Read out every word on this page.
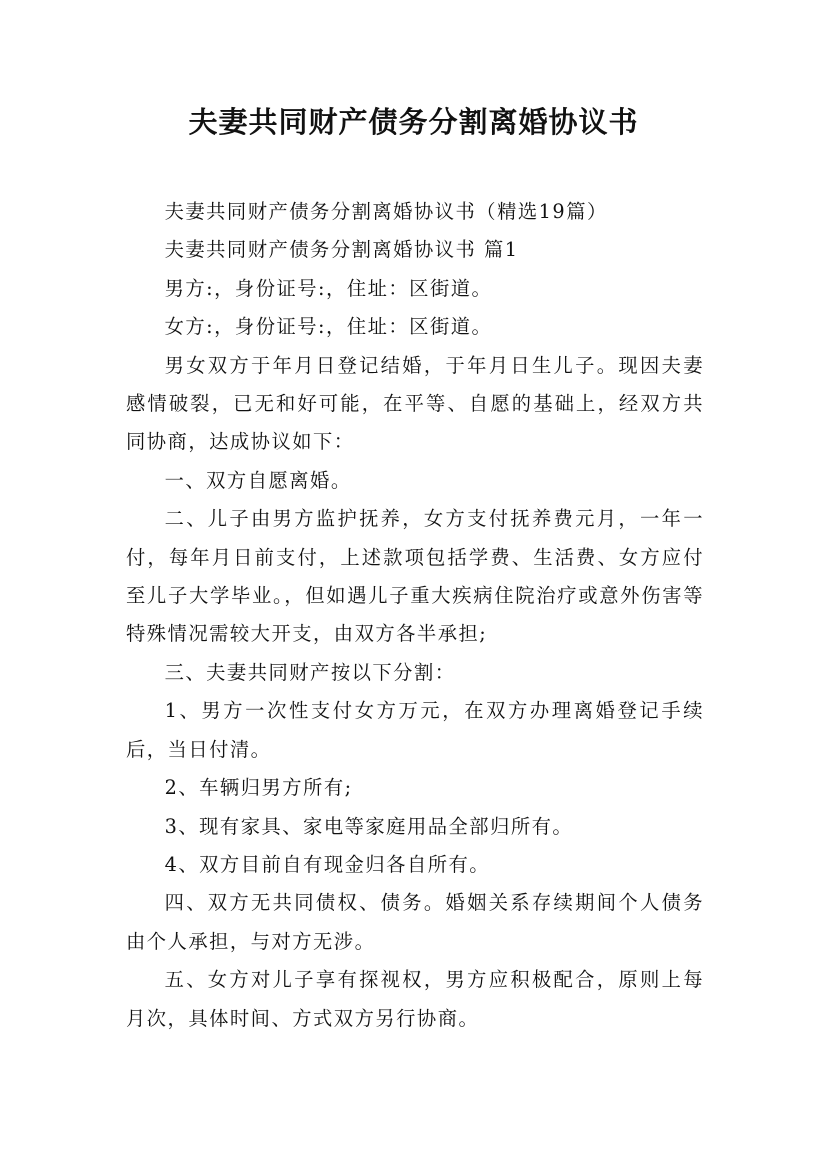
夫妻共同财产债务分割离婚协议书

夫妻共同财产债务分割离婚协议书（精选19篇）

夫妻共同财产债务分割离婚协议书 篇1

男方:，身份证号:，住址：区街道。

女方:，身份证号:，住址：区街道。

男女双方于年月日登记结婚，于年月日生儿子。现因夫妻感情破裂，已无和好可能，在平等、自愿的基础上，经双方共同协商，达成协议如下：

一、双方自愿离婚。

二、儿子由男方监护抚养，女方支付抚养费元月，一年一付，每年月日前支付，上述款项包括学费、生活费、女方应付至儿子大学毕业。，但如遇儿子重大疾病住院治疗或意外伤害等特殊情况需较大开支，由双方各半承担;

三、夫妻共同财产按以下分割：

1、男方一次性支付女方万元，在双方办理离婚登记手续后，当日付清。

2、车辆归男方所有;

3、现有家具、家电等家庭用品全部归所有。

4、双方目前自有现金归各自所有。

四、双方无共同债权、债务。婚姻关系存续期间个人债务由个人承担，与对方无涉。

五、女方对儿子享有探视权，男方应积极配合，原则上每月次，具体时间、方式双方另行协商。
